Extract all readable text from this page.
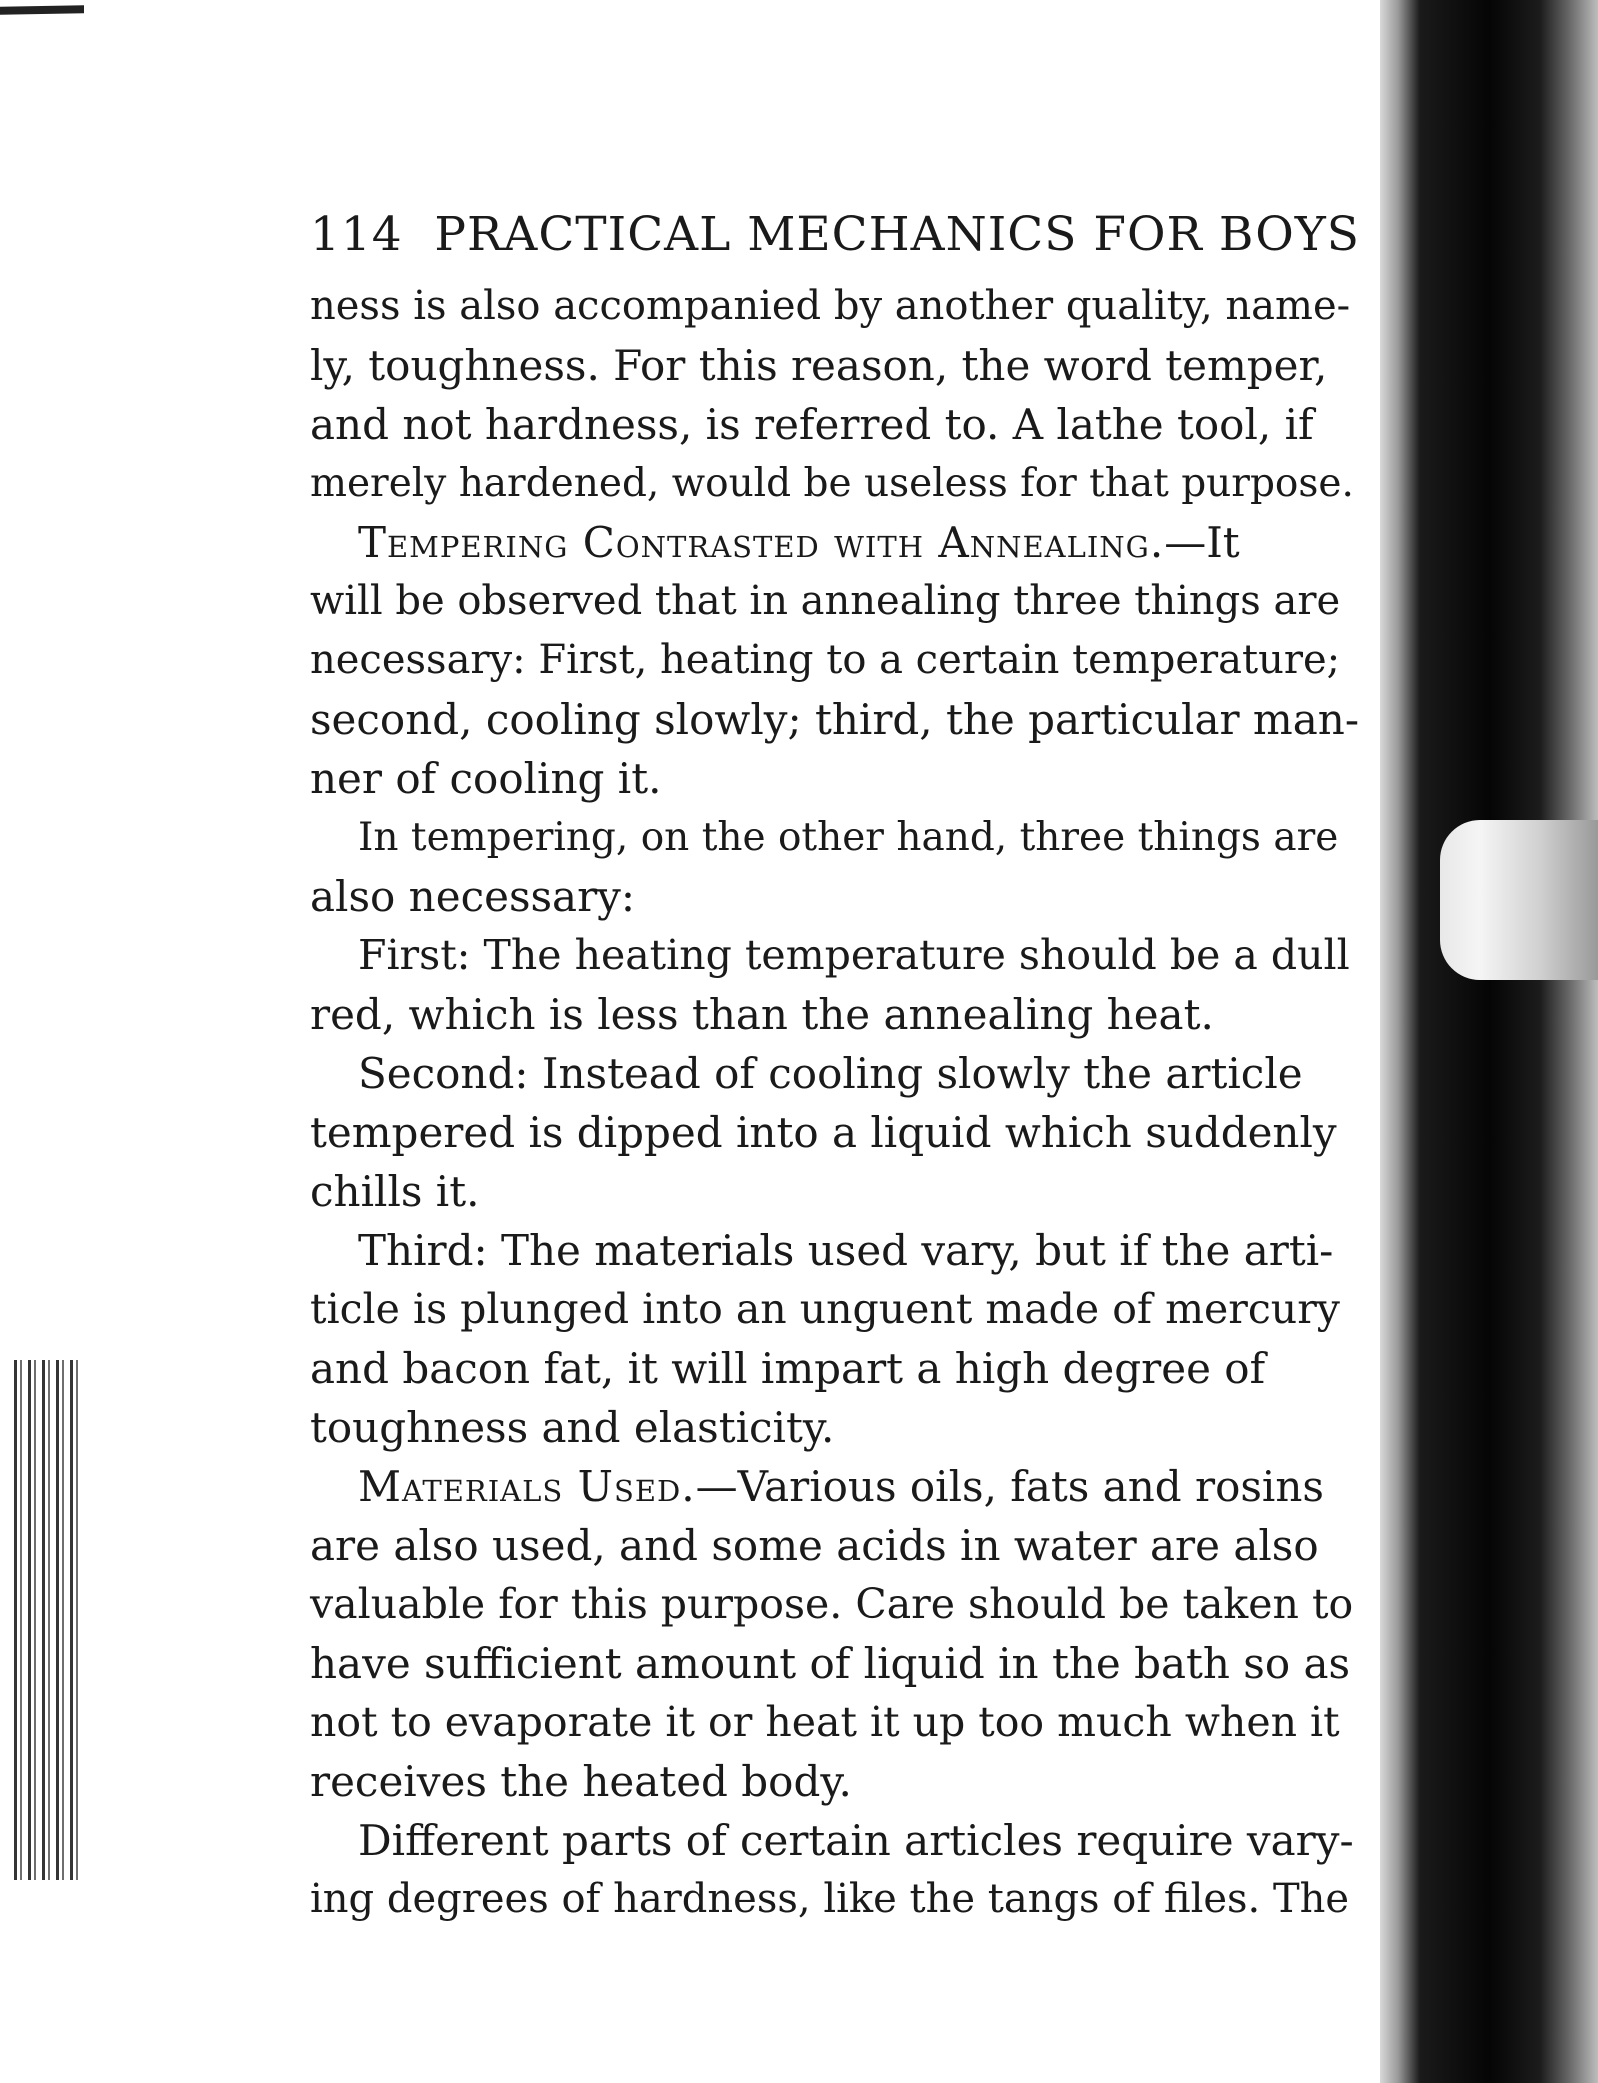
114 PRACTICAL MECHANICS FOR BOYS

ness is also accompanied by another quality, name-
ly, toughness. For this reason, the word temper,
and not hardness, is referred to. A lathe tool, if
merely hardened, would be useless for that purpose.

Tempering Contrasted with Annealing.—It
will be observed that in annealing three things are
necessary: First, heating to a certain temperature;
second, cooling slowly; third, the particular man-
ner of cooling it.

In tempering, on the other hand, three things are
also necessary:

First: The heating temperature should be a dull
red, which is less than the annealing heat.

Second: Instead of cooling slowly the article
tempered is dipped into a liquid which suddenly
chills it.

Third: The materials used vary, but if the arti-
ticle is plunged into an unguent made of mercury
and bacon fat, it will impart a high degree of
toughness and elasticity.

Materials Used.—Various oils, fats and rosins
are also used, and some acids in water are also
valuable for this purpose. Care should be taken to
have sufficient amount of liquid in the bath so as
not to evaporate it or heat it up too much when it
receives the heated body.

Different parts of certain articles require vary-
ing degrees of hardness, like the tangs of files. The
